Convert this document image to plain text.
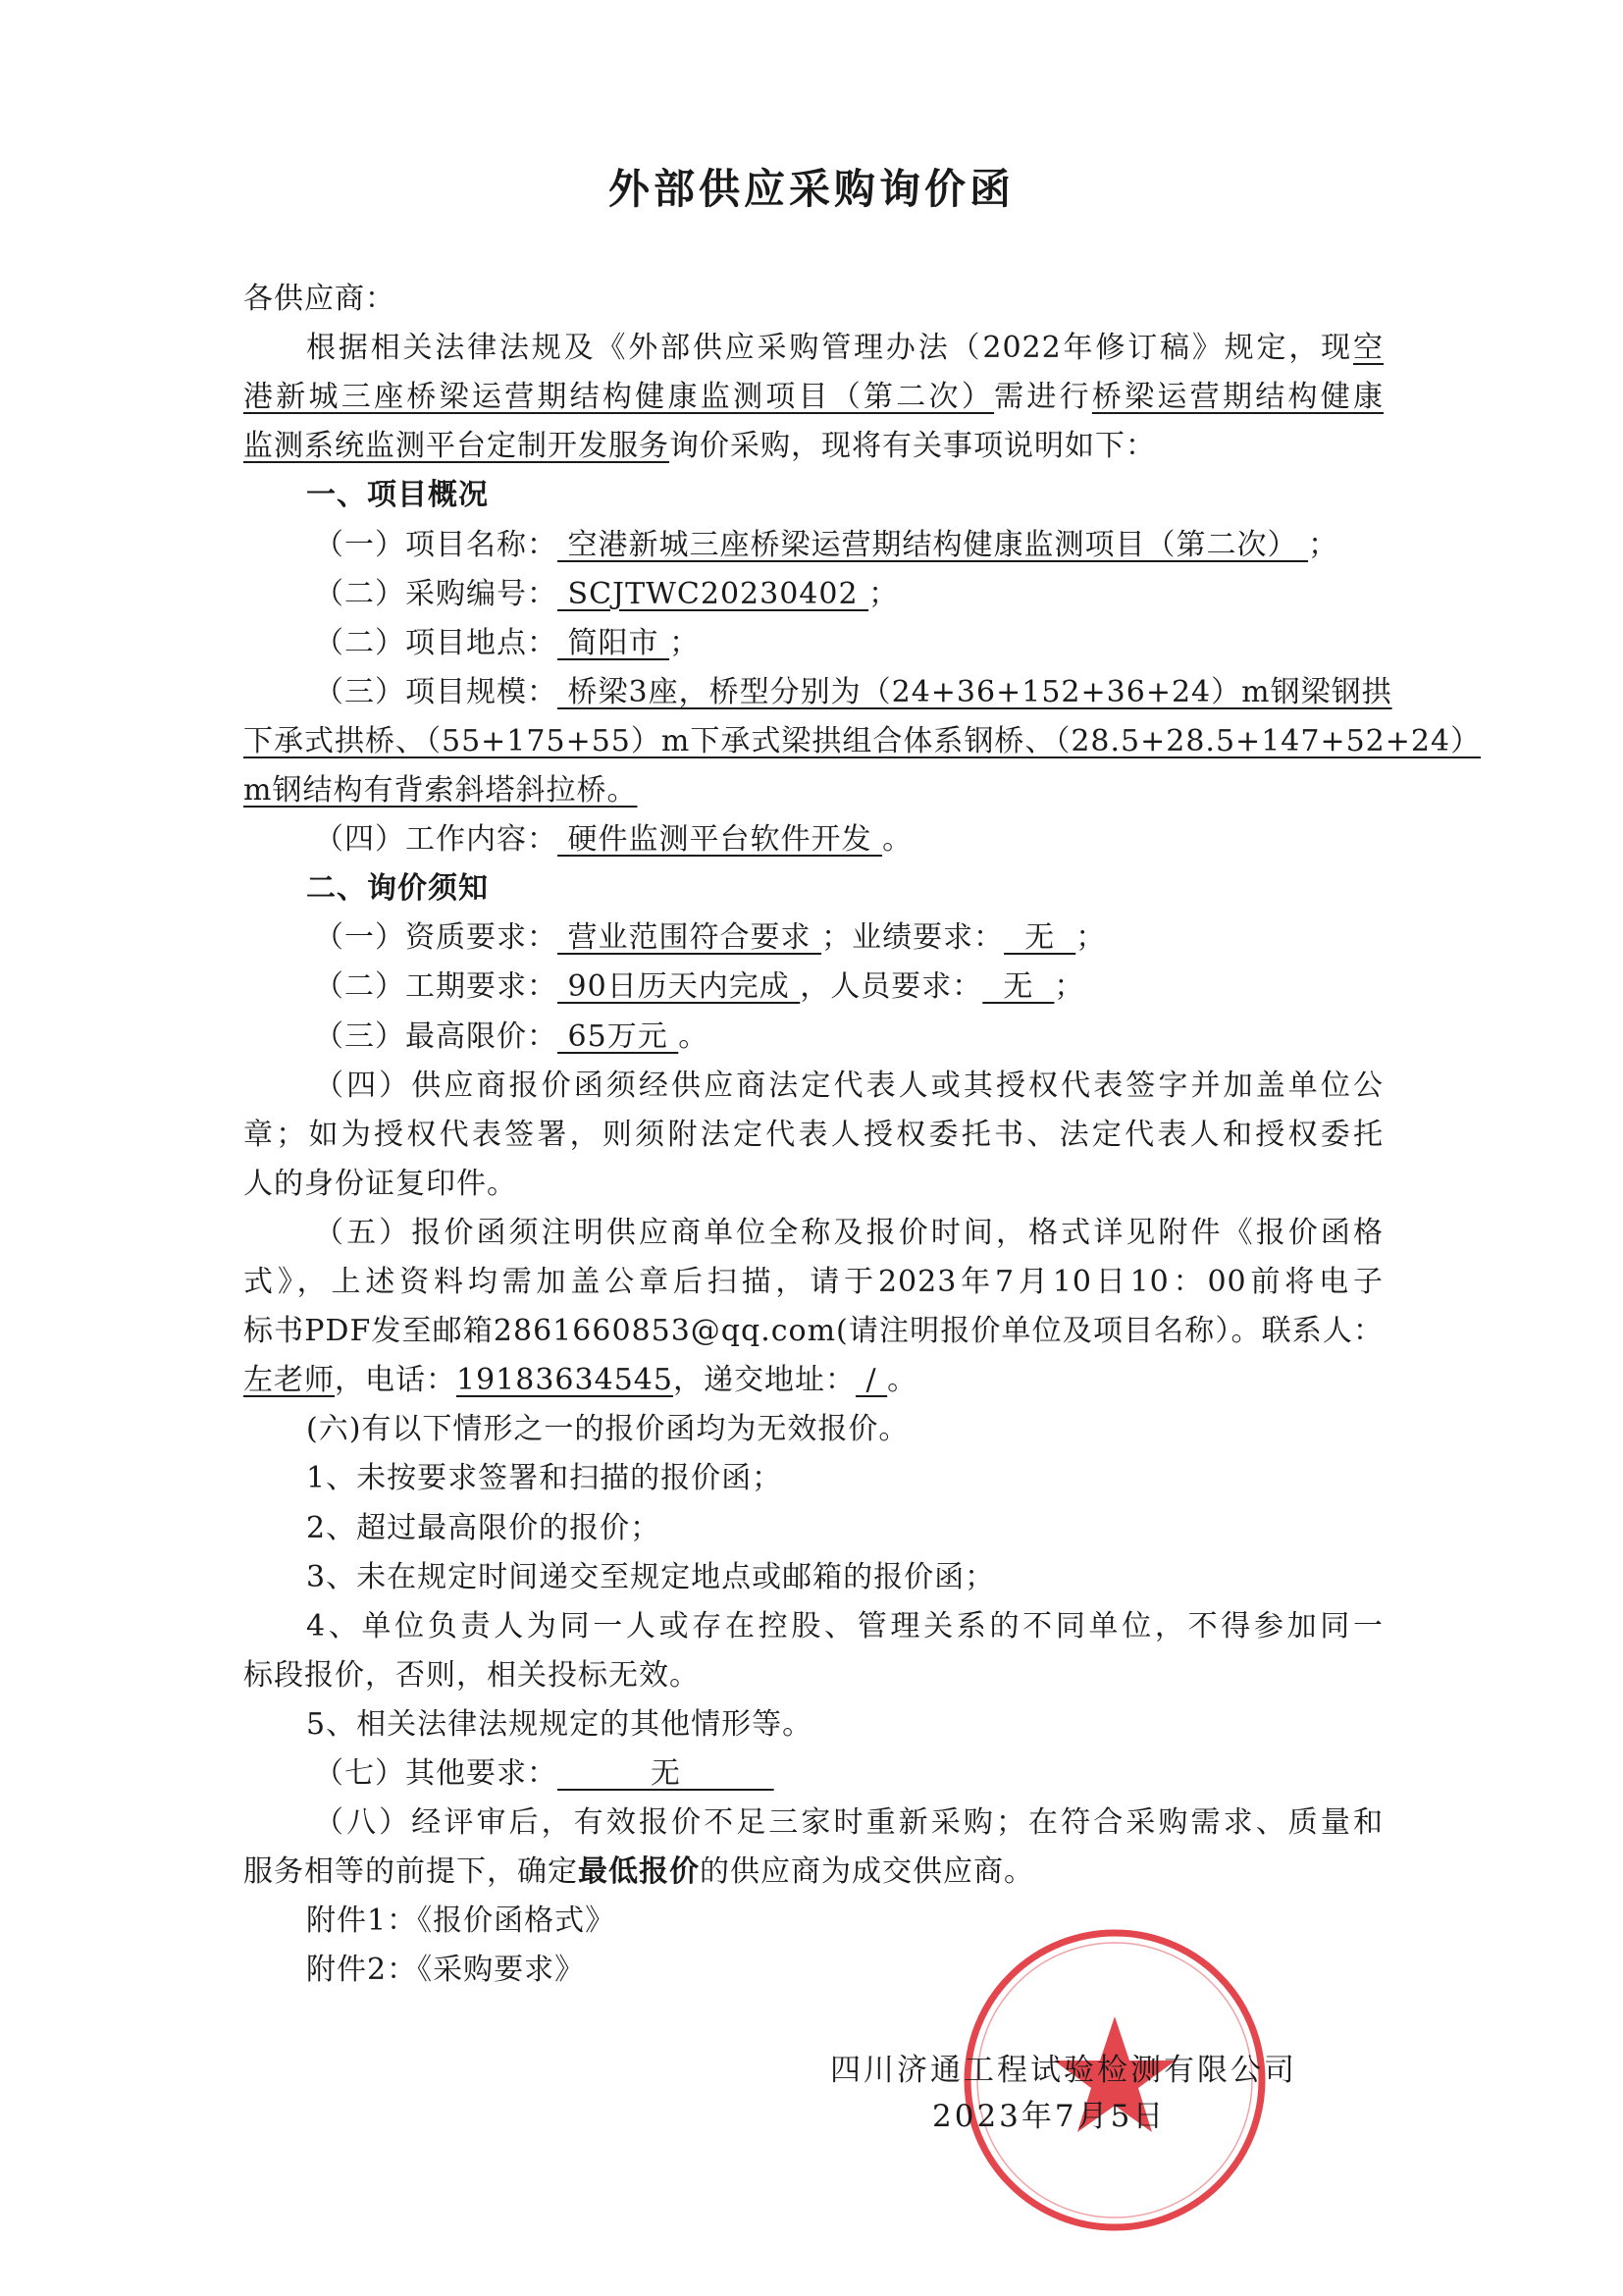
外部供应采购询价函
各供应商：
根据相关法律法规及《外部供应采购管理办法（2022年修订稿》规定，现空
港新城三座桥梁运营期结构健康监测项目（第二次）需进行桥梁运营期结构健康
监测系统监测平台定制开发服务询价采购，现将有关事项说明如下：
一、项目概况
（一）项目名称： 空港新城三座桥梁运营期结构健康监测项目（第二次） ；
（二）采购编号： SCJTWC20230402 ；
（二）项目地点： 简阳市 ；
（三）项目规模： 桥梁3座，桥型分别为（24+36+152+36+24）m钢梁钢拱
下承式拱桥、（55+175+55）m下承式梁拱组合体系钢桥、（28.5+28.5+147+52+24）
m钢结构有背索斜塔斜拉桥。
（四）工作内容： 硬件监测平台软件开发 。
二、询价须知
（一）资质要求： 营业范围符合要求 ；业绩要求：  无  ；
（二）工期要求： 90日历天内完成 ，人员要求：  无  ；
（三）最高限价： 65万元 。
（四）供应商报价函须经供应商法定代表人或其授权代表签字并加盖单位公
章；如为授权代表签署，则须附法定代表人授权委托书、法定代表人和授权委托
人的身份证复印件。
（五）报价函须注明供应商单位全称及报价时间，格式详见附件《报价函格
式》，上述资料均需加盖公章后扫描，请于2023年7月10日10：00前将电子
标书PDF发至邮箱2861660853@qq.com(请注明报价单位及项目名称）。联系人：
左老师，电话：19183634545，递交地址： / 。
(六)有以下情形之一的报价函均为无效报价。
1、未按要求签署和扫描的报价函；
2、超过最高限价的报价；
3、未在规定时间递交至规定地点或邮箱的报价函；
4、单位负责人为同一人或存在控股、管理关系的不同单位，不得参加同一
标段报价，否则，相关投标无效。
5、相关法律法规规定的其他情形等。
（七）其他要求：         无
（八）经评审后，有效报价不足三家时重新采购；在符合采购需求、质量和
服务相等的前提下，确定最低报价的供应商为成交供应商。
附件1：《报价函格式》
附件2：《采购要求》
四川济通工程试验检测有限公司
2023年7月5日
